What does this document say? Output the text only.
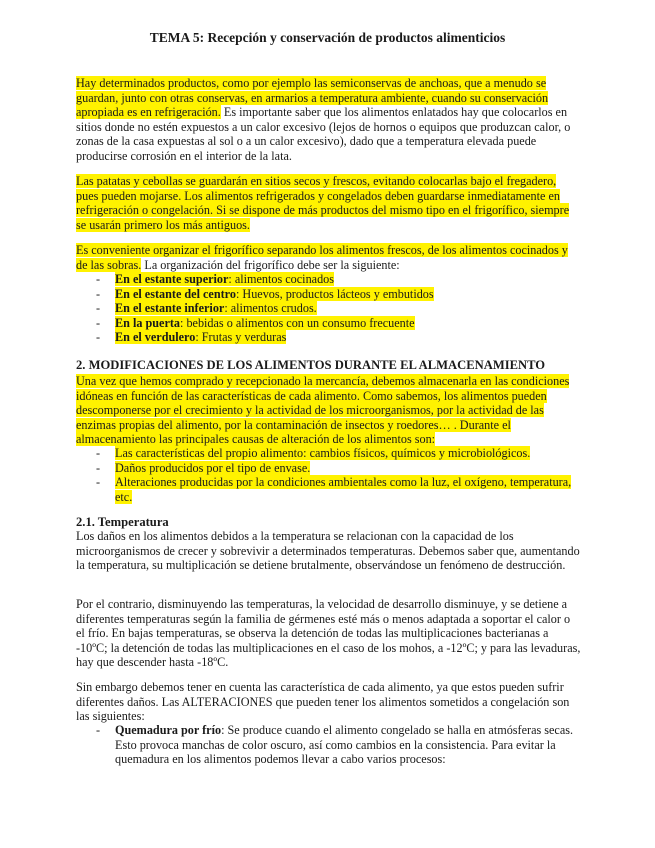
TEMA 5: Recepción y conservación de productos alimenticios

Hay determinados productos, como por ejemplo las semiconservas de anchoas, que a menudo se guardan, junto con otras conservas, en armarios a temperatura ambiente, cuando su conservación apropiada es en refrigeración. Es importante saber que los alimentos enlatados hay que colocarlos en sitios donde no estén expuestos a un calor excesivo (lejos de hornos o equipos que produzcan calor, o zonas de la casa expuestas al sol o a un calor excesivo), dado que a temperatura elevada puede producirse corrosión en el interior de la lata.

Las patatas y cebollas se guardarán en sitios secos y frescos, evitando colocarlas bajo el fregadero, pues pueden mojarse. Los alimentos refrigerados y congelados deben guardarse inmediatamente en refrigeración o congelación. Si se dispone de más productos del mismo tipo en el frigorífico, siempre se usarán primero los más antiguos.

Es conveniente organizar el frigorífico separando los alimentos frescos, de los alimentos cocinados y de las sobras. La organización del frigorífico debe ser la siguiente:

- En el estante superior: alimentos cocinados
- En el estante del centro: Huevos, productos lácteos y embutidos
- En el estante inferior: alimentos crudos.
- En la puerta: bebidas o alimentos con un consumo frecuente
- En el verdulero: Frutas y verduras
2. MODIFICACIONES DE LOS ALIMENTOS DURANTE EL ALMACENAMIENTO

Una vez que hemos comprado y recepcionado la mercancía, debemos almacenarla en las condiciones idóneas en función de las características de cada alimento. Como sabemos, los alimentos pueden descomponerse por el crecimiento y la actividad de los microorganismos, por la actividad de las enzimas propias del alimento, por la contaminación de insectos y roedores… . Durante el almacenamiento las principales causas de alteración de los alimentos son:

- Las características del propio alimento: cambios físicos, químicos y microbiológicos.
- Daños producidos por el tipo de envase.
- Alteraciones producidas por la condiciones ambientales como la luz, el oxígeno, temperatura, etc.
2.1. Temperatura

Los daños en los alimentos debidos a la temperatura se relacionan con la capacidad de los microorganismos de crecer y sobrevivir a determinados temperaturas. Debemos saber que, aumentando la temperatura, su multiplicación se detiene brutalmente, observándose un fenómeno de destrucción.

Por el contrario, disminuyendo las temperaturas, la velocidad de desarrollo disminuye, y se detiene a diferentes temperaturas según la familia de gérmenes esté más o menos adaptada a soportar el calor o el frío. En bajas temperaturas, se observa la detención de todas las multiplicaciones bacterianas a -10ºC; la detención de todas las multiplicaciones en el caso de los mohos, a -12ºC; y para las levaduras, hay que descender hasta -18ºC.

Sin embargo debemos tener en cuenta las característica de cada alimento, ya que estos pueden sufrir diferentes daños. Las ALTERACIONES que pueden tener los alimentos sometidos a congelación son las siguientes:

- Quemadura por frío: Se produce cuando el alimento congelado se halla en atmósferas secas. Esto provoca manchas de color oscuro, así como cambios en la consistencia. Para evitar la quemadura en los alimentos podemos llevar a cabo varios procesos:
